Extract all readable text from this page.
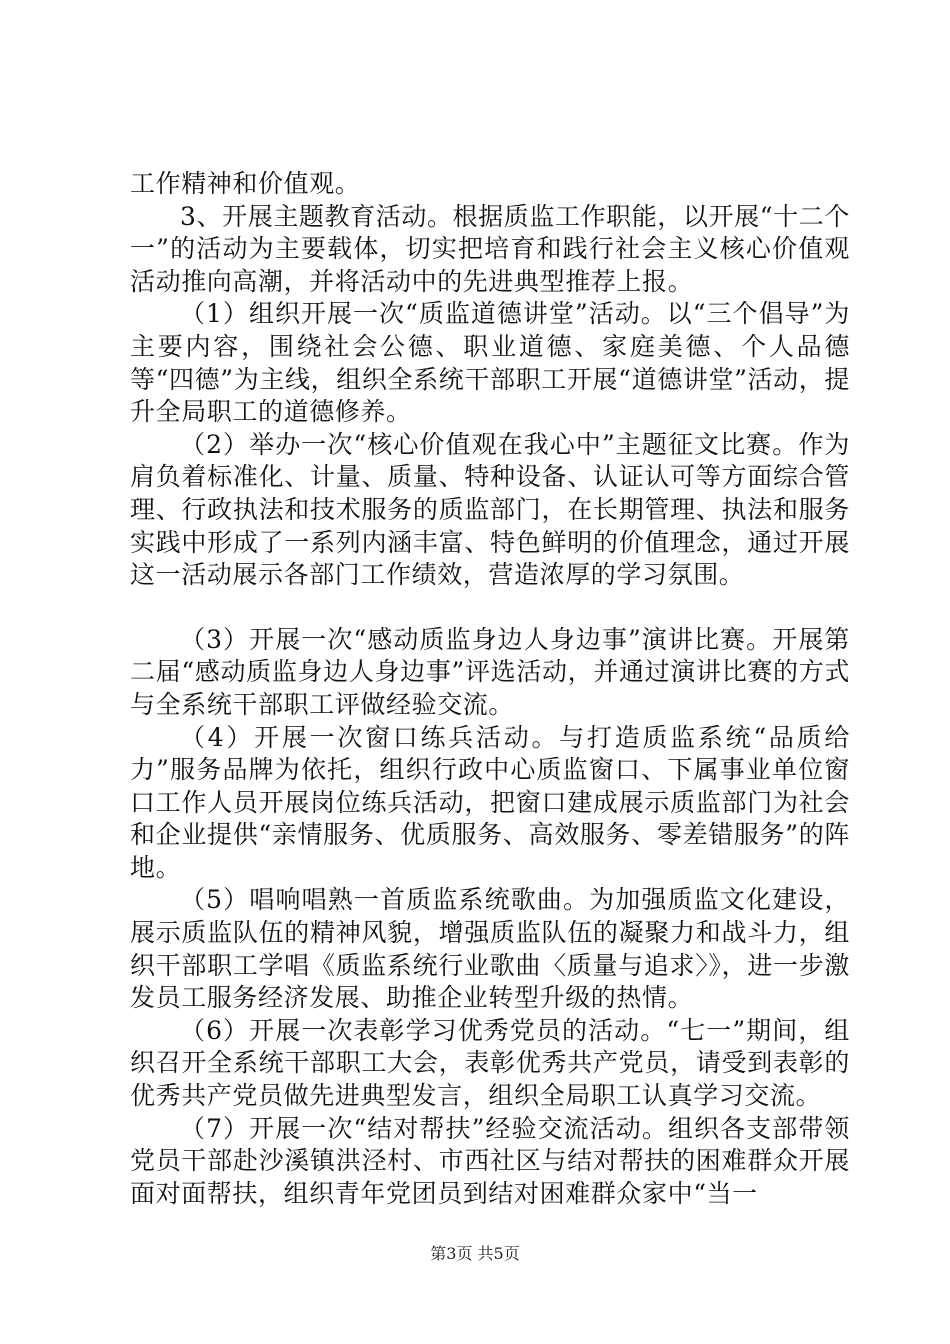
工作精神和价值观。

3、开展主题教育活动。根据质监工作职能，以开展“十二个一”的活动为主要载体，切实把培育和践行社会主义核心价值观活动推向高潮，并将活动中的先进典型推荐上报。

（1）组织开展一次“质监道德讲堂”活动。以“三个倡导”为主要内容，围绕社会公德、职业道德、家庭美德、个人品德等“四德”为主线，组织全系统干部职工开展“道德讲堂”活动，提升全局职工的道德修养。

（2）举办一次“核心价值观在我心中”主题征文比赛。作为肩负着标准化、计量、质量、特种设备、认证认可等方面综合管理、行政执法和技术服务的质监部门，在长期管理、执法和服务实践中形成了一系列内涵丰富、特色鲜明的价值理念，通过开展这一活动展示各部门工作绩效，营造浓厚的学习氛围。

（3）开展一次“感动质监身边人身边事”演讲比赛。开展第二届“感动质监身边人身边事”评选活动，并通过演讲比赛的方式与全系统干部职工评做经验交流。

（4）开展一次窗口练兵活动。与打造质监系统“品质给力”服务品牌为依托，组织行政中心质监窗口、下属事业单位窗口工作人员开展岗位练兵活动，把窗口建成展示质监部门为社会和企业提供“亲情服务、优质服务、高效服务、零差错服务”的阵地。

（5）唱响唱熟一首质监系统歌曲。为加强质监文化建设，展示质监队伍的精神风貌，增强质监队伍的凝聚力和战斗力，组织干部职工学唱《质监系统行业歌曲〈质量与追求〉》，进一步激发员工服务经济发展、助推企业转型升级的热情。

（6）开展一次表彰学习优秀党员的活动。“七一”期间，组织召开全系统干部职工大会，表彰优秀共产党员，请受到表彰的优秀共产党员做先进典型发言，组织全局职工认真学习交流。

（7）开展一次“结对帮扶”经验交流活动。组织各支部带领党员干部赴沙溪镇洪泾村、市西社区与结对帮扶的困难群众开展面对面帮扶，组织青年党团员到结对困难群众家中“当一

第3页 共5页
